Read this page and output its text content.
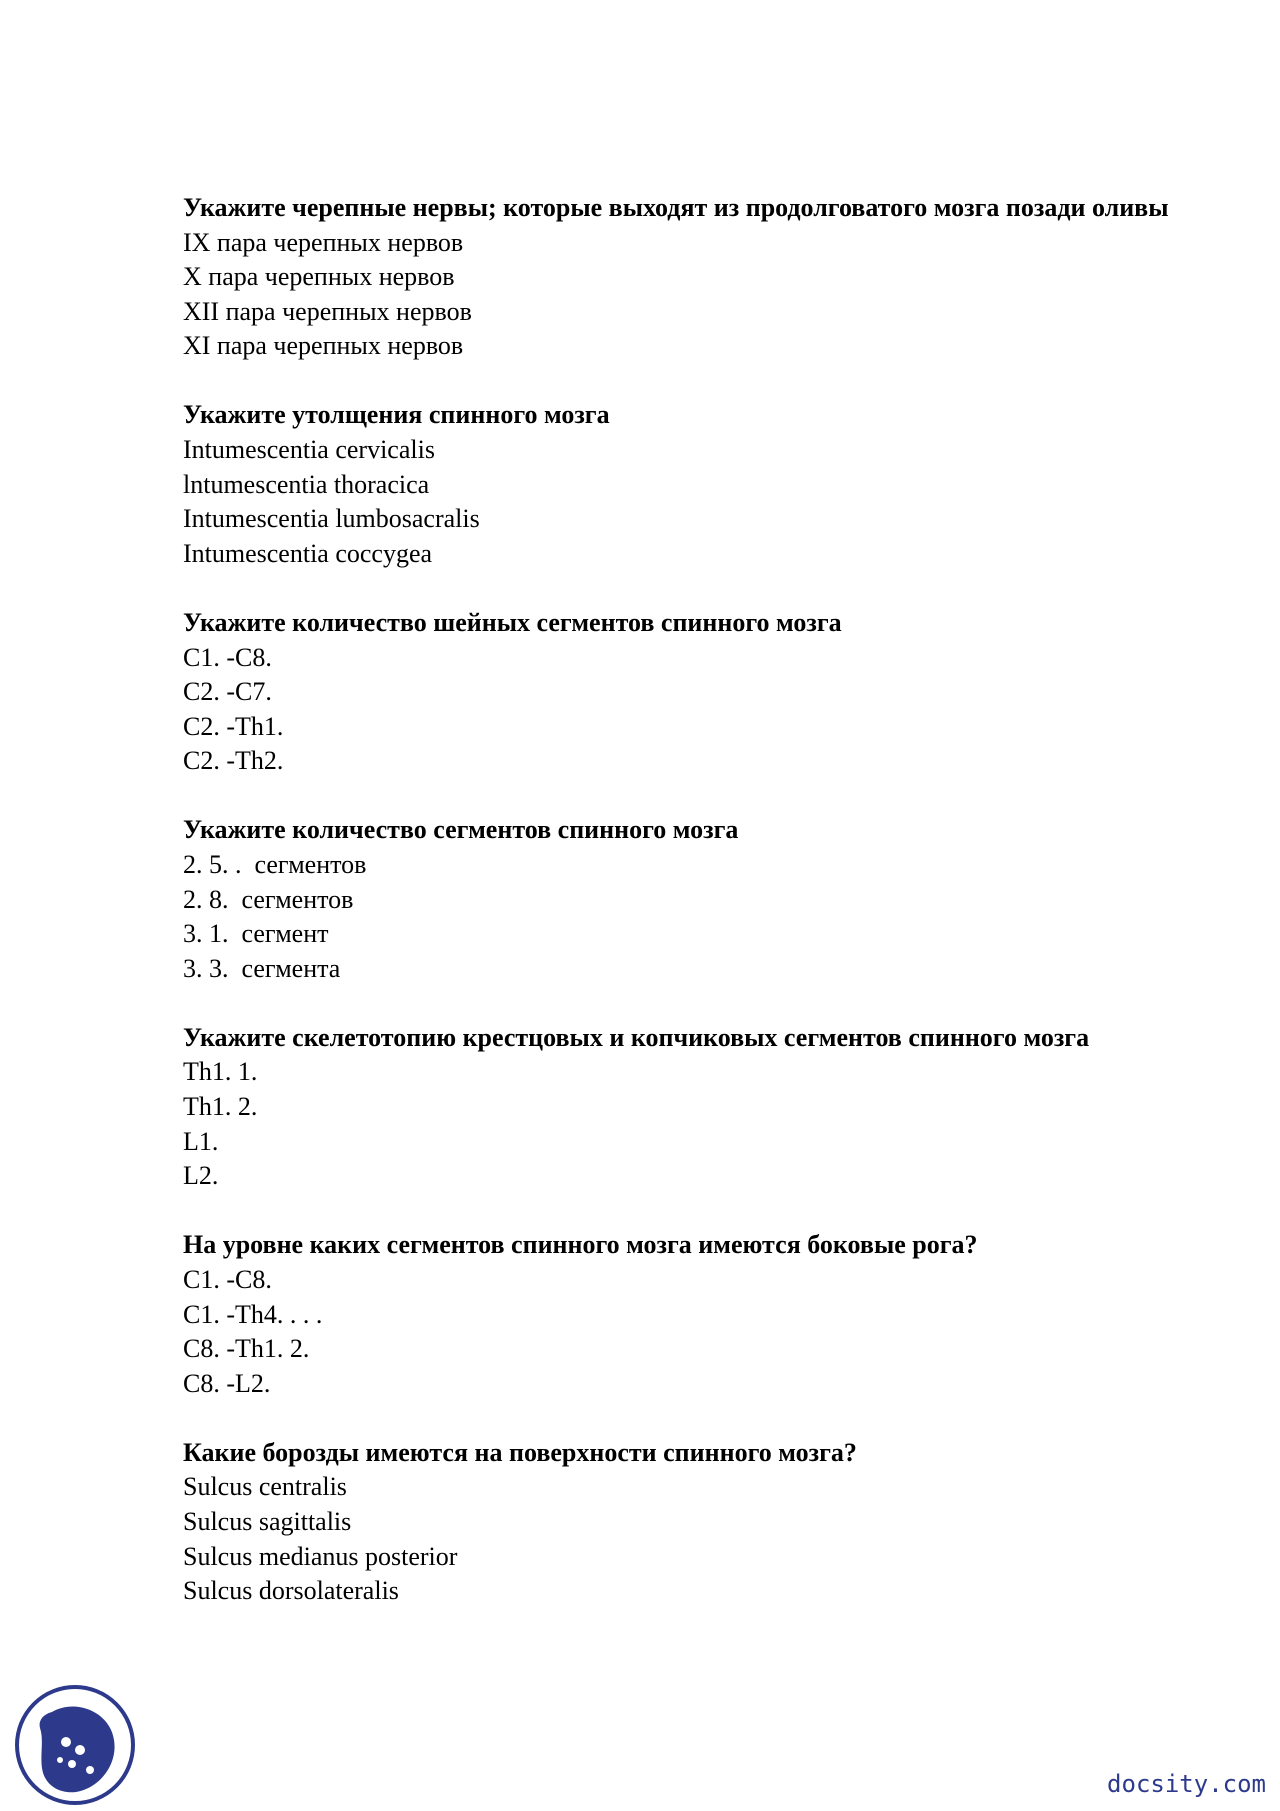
Укажите черепные нервы; которые выходят из продолговатого мозга позади оливы

IX пара черепных нервов

X пара черепных нервов

XII пара черепных нервов

XI пара черепных нервов

Укажите утолщения спинного мозга

Intumescentia cervicalis

lntumescentia thoracica

Intumescentia lumbosacralis

Intumescentia coccygea

Укажите количество шейных сегментов спинного мозга

C1. -C8.

C2. -C7.

C2. -Th1.

C2. -Th2.

Укажите количество сегментов спинного мозга

2. 5. .  сегментов

2. 8.  сегментов

3. 1.  сегмент

3. 3.  сегмента

Укажите скелетотопию крестцовых и копчиковых сегментов спинного мозга

Th1. 1.

Th1. 2.

L1.

L2.

На уровне каких сегментов спинного мозга имеются боковые рога?

C1. -C8.

C1. -Th4. . . .

C8. -Th1. 2.

C8. -L2.

Какие борозды имеются на поверхности спинного мозга?

Sulcus centralis

Sulcus sagittalis

Sulcus medianus posterior

Sulcus dorsolateralis

docsity.com
